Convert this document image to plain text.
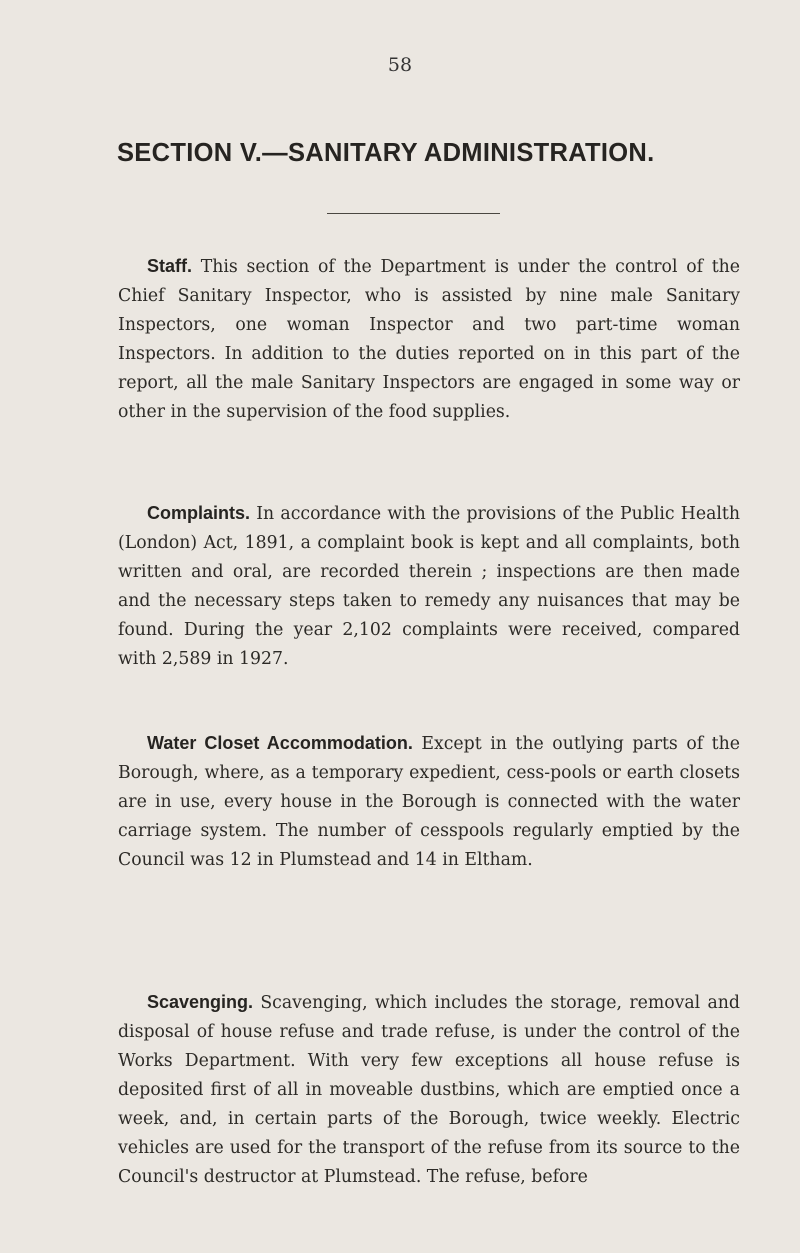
58
SECTION V.—SANITARY ADMINISTRATION.

Staff. This section of the Department is under the control of the Chief Sanitary Inspector, who is assisted by nine male Sanitary Inspectors, one woman Inspector and two part-time woman Inspectors. In addition to the duties reported on in this part of the report, all the male Sanitary Inspectors are engaged in some way or other in the supervision of the food supplies.

Complaints. In accordance with the provisions of the Public Health (London) Act, 1891, a complaint book is kept and all complaints, both written and oral, are recorded therein ; inspections are then made and the necessary steps taken to remedy any nuisances that may be found. During the year 2,102 complaints were received, compared with 2,589 in 1927.

Water Closet Accommodation. Except in the outlying parts of the Borough, where, as a temporary expedient, cess-pools or earth closets are in use, every house in the Borough is connected with the water carriage system. The number of cesspools regularly emptied by the Council was 12 in Plumstead and 14 in Eltham.

Scavenging. Scavenging, which includes the storage, removal and disposal of house refuse and trade refuse, is under the control of the Works Department. With very few exceptions all house refuse is deposited first of all in moveable dustbins, which are emptied once a week, and, in certain parts of the Borough, twice weekly. Electric vehicles are used for the transport of the refuse from its source to the Council's destructor at Plumstead. The refuse, before
